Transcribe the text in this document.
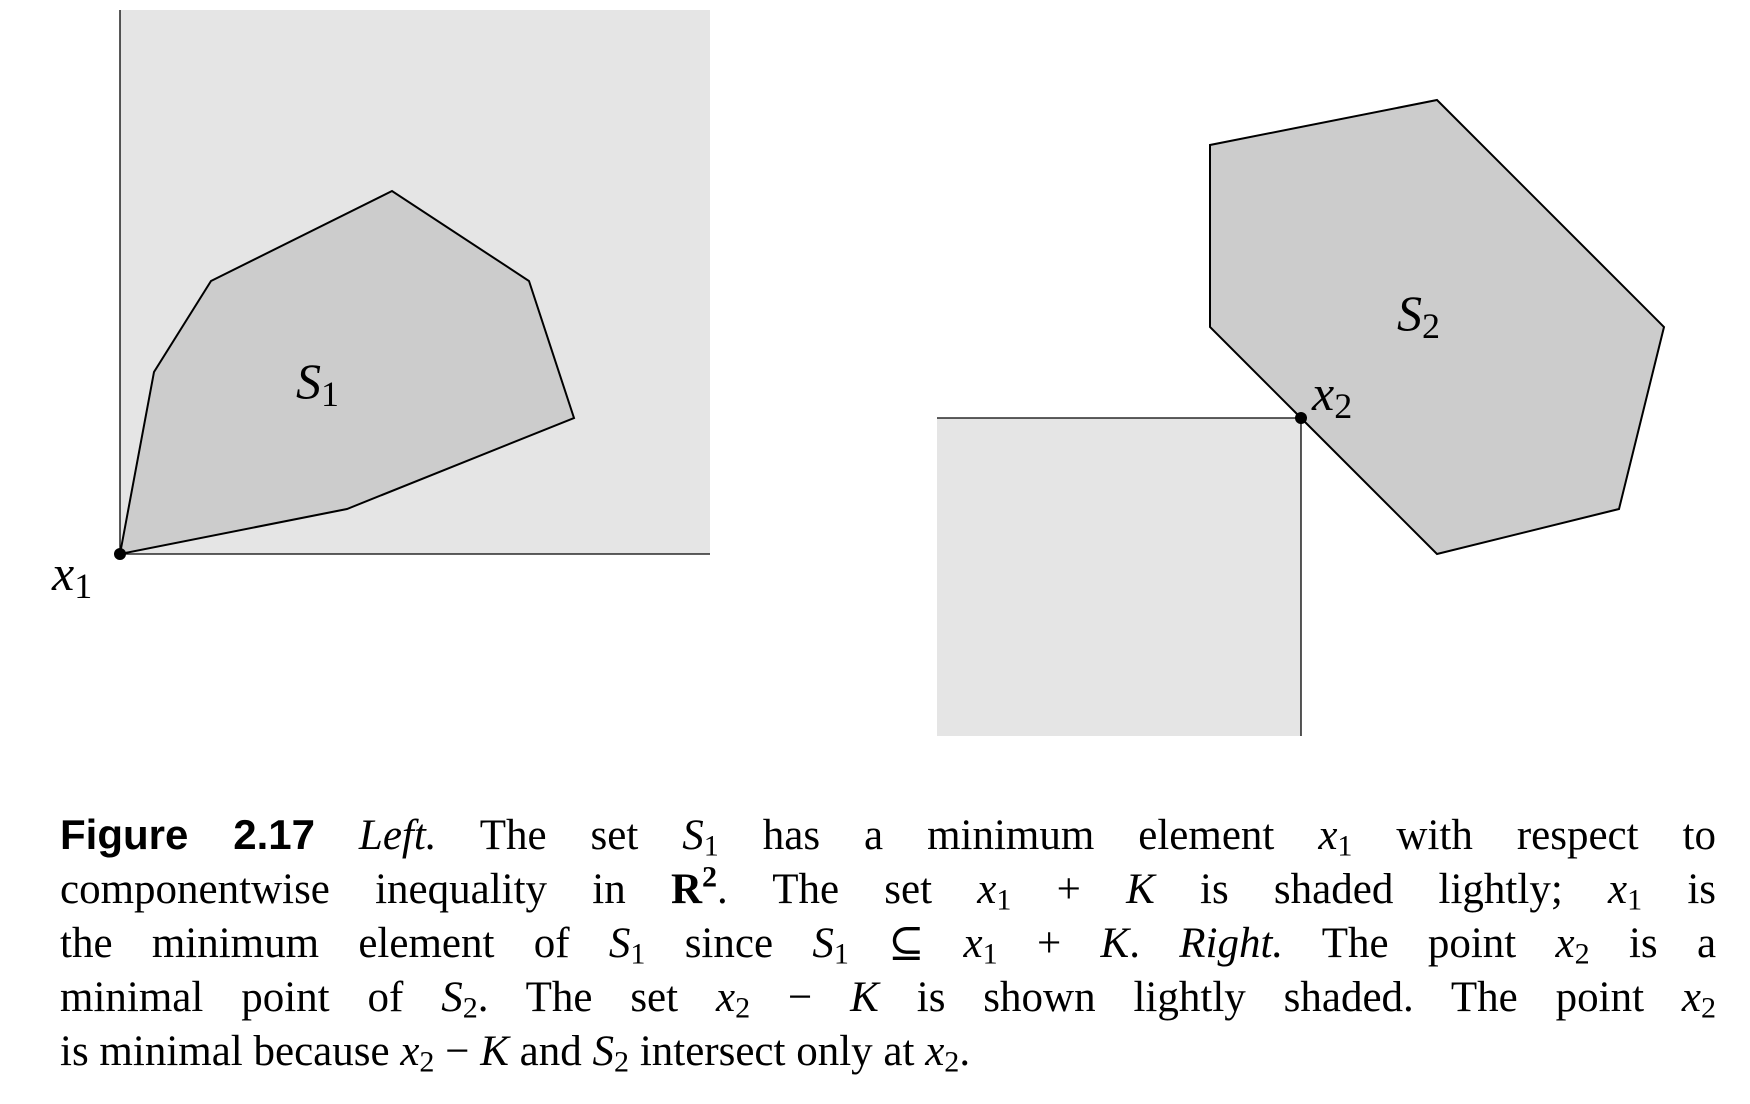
S1
x1
S2
x2

Figure 2.17 Left. The set $S_1$ has a minimum element $x_1$ with respect to
componentwise inequality in $R^2$. The set $x_1 + K$ is shaded lightly; $x_1$ is
the minimum element of $S_1$ since $S_1$ ⊆ $x_1 + K$. Right. The point $x_2$ is a
minimal point of $S_2$. The set $x_2 - K$ is shown lightly shaded. The point $x_2$
is minimal because $x_2 - K$ and $S_2$ intersect only at $x_2$.
